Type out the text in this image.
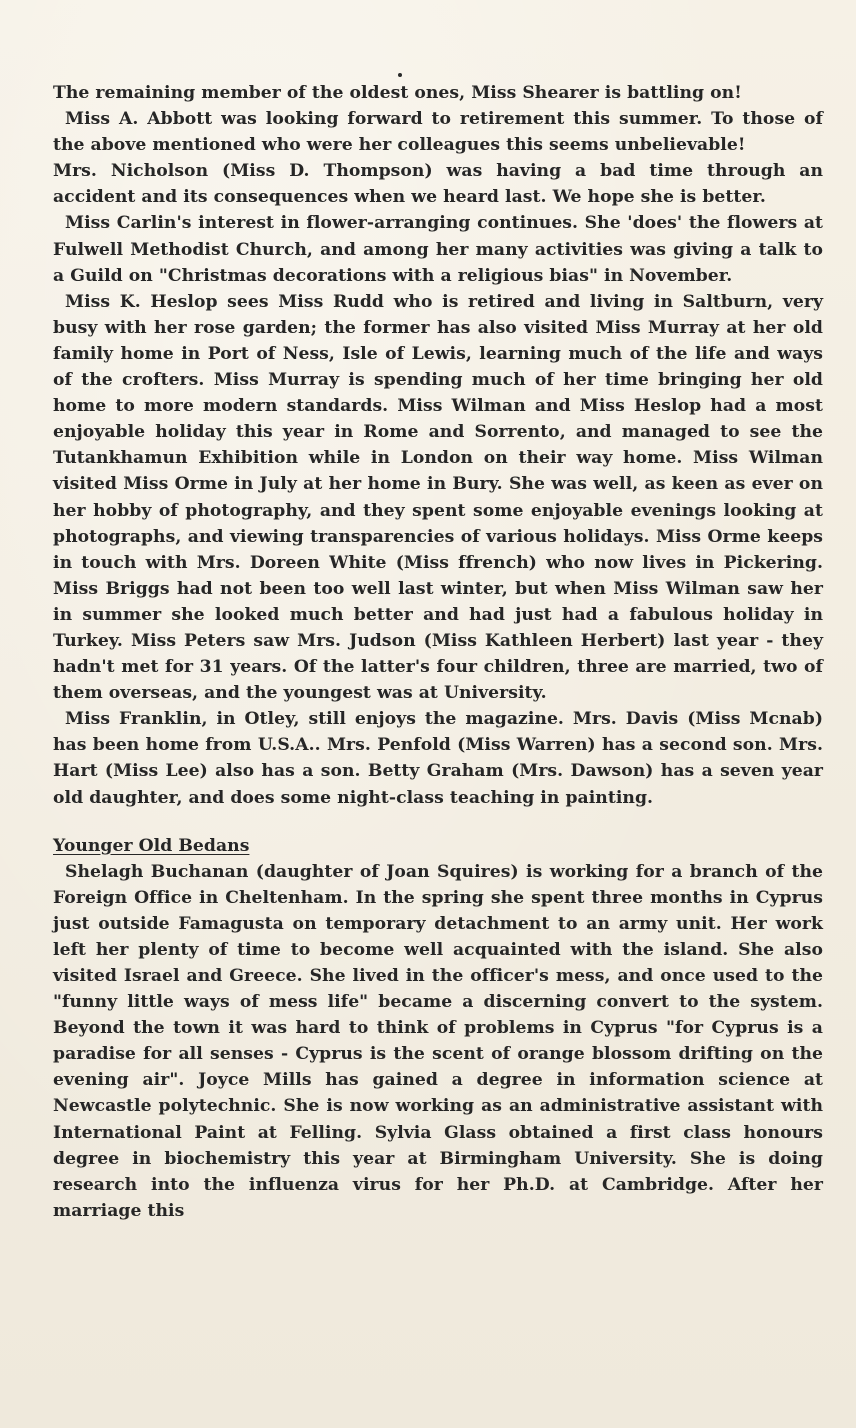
The remaining member of the oldest ones, Miss Shearer is battling on!

Miss A. Abbott was looking forward to retirement this summer. To those of the above mentioned who were her colleagues this seems unbelievable!

Mrs. Nicholson (Miss D. Thompson) was having a bad time through an accident and its consequences when we heard last. We hope she is better.

Miss Carlin's interest in flower-arranging continues. She 'does' the flowers at Fulwell Methodist Church, and among her many activities was giving a talk to a Guild on "Christmas decorations with a religious bias" in November.

Miss K. Heslop sees Miss Rudd who is retired and living in Saltburn, very busy with her rose garden; the former has also visited Miss Murray at her old family home in Port of Ness, Isle of Lewis, learning much of the life and ways of the crofters. Miss Murray is spending much of her time bringing her old home to more modern standards. Miss Wilman and Miss Heslop had a most enjoyable holiday this year in Rome and Sorrento, and managed to see the Tutankhamun Exhibition while in London on their way home. Miss Wilman visited Miss Orme in July at her home in Bury. She was well, as keen as ever on her hobby of photography, and they spent some enjoyable evenings looking at photographs, and viewing transparencies of various holidays. Miss Orme keeps in touch with Mrs. Doreen White (Miss ffrench) who now lives in Pickering. Miss Briggs had not been too well last winter, but when Miss Wilman saw her in summer she looked much better and had just had a fabulous holiday in Turkey. Miss Peters saw Mrs. Judson (Miss Kathleen Herbert) last year - they hadn't met for 31 years. Of the latter's four children, three are married, two of them overseas, and the youngest was at University.

Miss Franklin, in Otley, still enjoys the magazine. Mrs. Davis (Miss Mcnab) has been home from U.S.A.. Mrs. Penfold (Miss Warren) has a second son. Mrs. Hart (Miss Lee) also has a son. Betty Graham (Mrs. Dawson) has a seven year old daughter, and does some night-class teaching in painting.

Younger Old Bedans

Shelagh Buchanan (daughter of Joan Squires) is working for a branch of the Foreign Office in Cheltenham. In the spring she spent three months in Cyprus just outside Famagusta on temporary detachment to an army unit. Her work left her plenty of time to become well acquainted with the island. She also visited Israel and Greece. She lived in the officer's mess, and once used to the "funny little ways of mess life" became a discerning convert to the system. Beyond the town it was hard to think of problems in Cyprus "for Cyprus is a paradise for all senses - Cyprus is the scent of orange blossom drifting on the evening air". Joyce Mills has gained a degree in information science at Newcastle polytechnic. She is now working as an administrative assistant with International Paint at Felling. Sylvia Glass obtained a first class honours degree in biochemistry this year at Birmingham University. She is doing research into the influenza virus for her Ph.D. at Cambridge. After her marriage this
